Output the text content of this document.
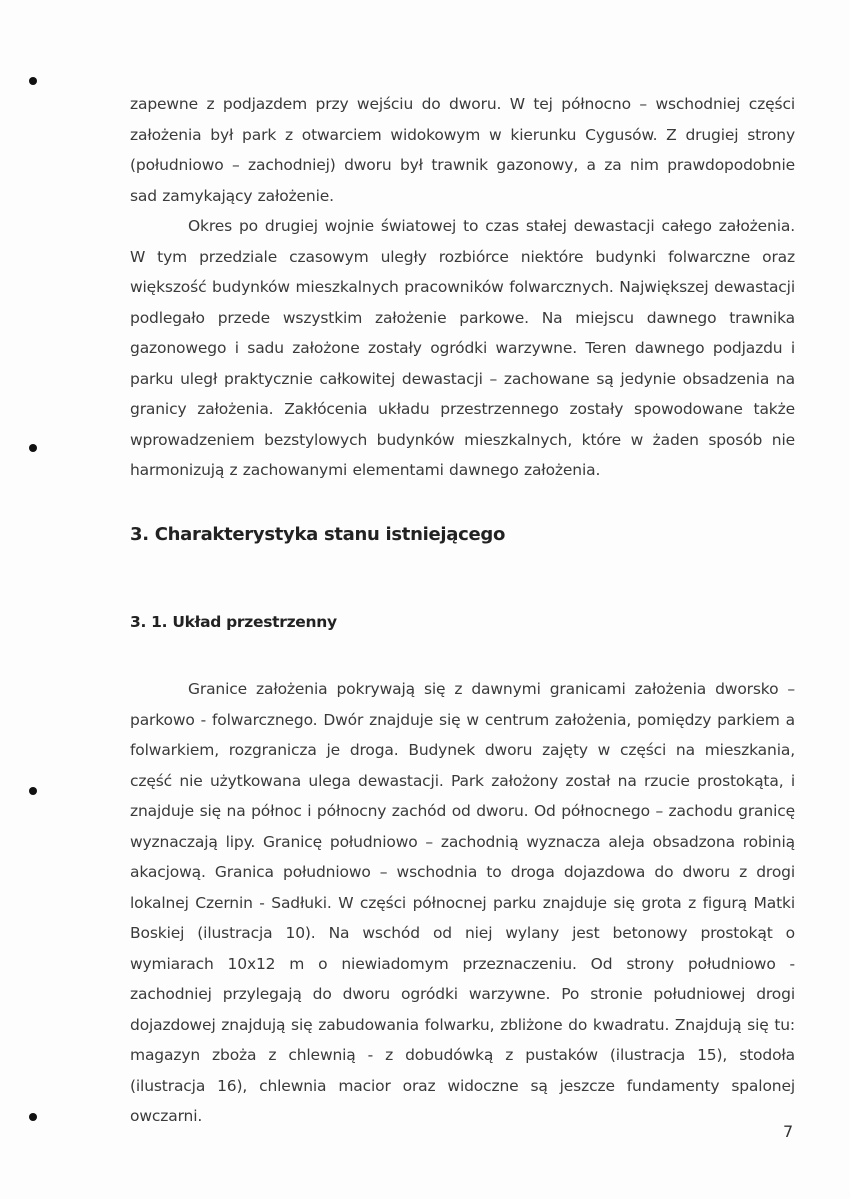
zapewne z podjazdem przy wejściu do dworu. W tej północno – wschodniej części założenia był park z otwarciem widokowym w kierunku Cygusów. Z drugiej strony (południowo – zachodniej) dworu był trawnik gazonowy, a za nim prawdopodobnie sad zamykający założenie.

Okres po drugiej wojnie światowej to czas stałej dewastacji całego założenia. W tym przedziale czasowym uległy rozbiórce niektóre budynki folwarczne oraz większość budynków mieszkalnych pracowników folwarcznych. Największej dewastacji podlegało przede wszystkim założenie parkowe. Na miejscu dawnego trawnika gazonowego i sadu założone zostały ogródki warzywne. Teren dawnego podjazdu i parku uległ praktycznie całkowitej dewastacji – zachowane są jedynie obsadzenia na granicy założenia. Zakłócenia układu przestrzennego zostały spowodowane także wprowadzeniem bezstylowych budynków mieszkalnych, które w żaden sposób nie harmonizują z zachowanymi elementami dawnego założenia.

3. Charakterystyka stanu istniejącego
3. 1. Układ przestrzenny

Granice założenia pokrywają się z dawnymi granicami założenia dworsko – parkowo - folwarcznego. Dwór znajduje się w centrum założenia, pomiędzy parkiem a folwarkiem, rozgranicza je droga. Budynek dworu zajęty w części na mieszkania, część nie użytkowana ulega dewastacji. Park założony został na rzucie prostokąta, i znajduje się na północ i północny zachód od dworu. Od północnego – zachodu granicę wyznaczają lipy. Granicę południowo – zachodnią wyznacza aleja obsadzona robinią akacjową. Granica południowo – wschodnia to droga dojazdowa do dworu z drogi lokalnej Czernin - Sadłuki. W części północnej parku znajduje się grota z figurą Matki Boskiej (ilustracja 10). Na wschód od niej wylany jest betonowy prostokąt o wymiarach 10x12 m o niewiadomym przeznaczeniu. Od strony południowo - zachodniej przylegają do dworu ogródki warzywne. Po stronie południowej drogi dojazdowej znajdują się zabudowania folwarku, zbliżone do kwadratu. Znajdują się tu: magazyn zboża z chlewnią - z dobudówką z pustaków (ilustracja 15), stodoła (ilustracja 16), chlewnia macior oraz widoczne są jeszcze fundamenty spalonej owczarni.

7
